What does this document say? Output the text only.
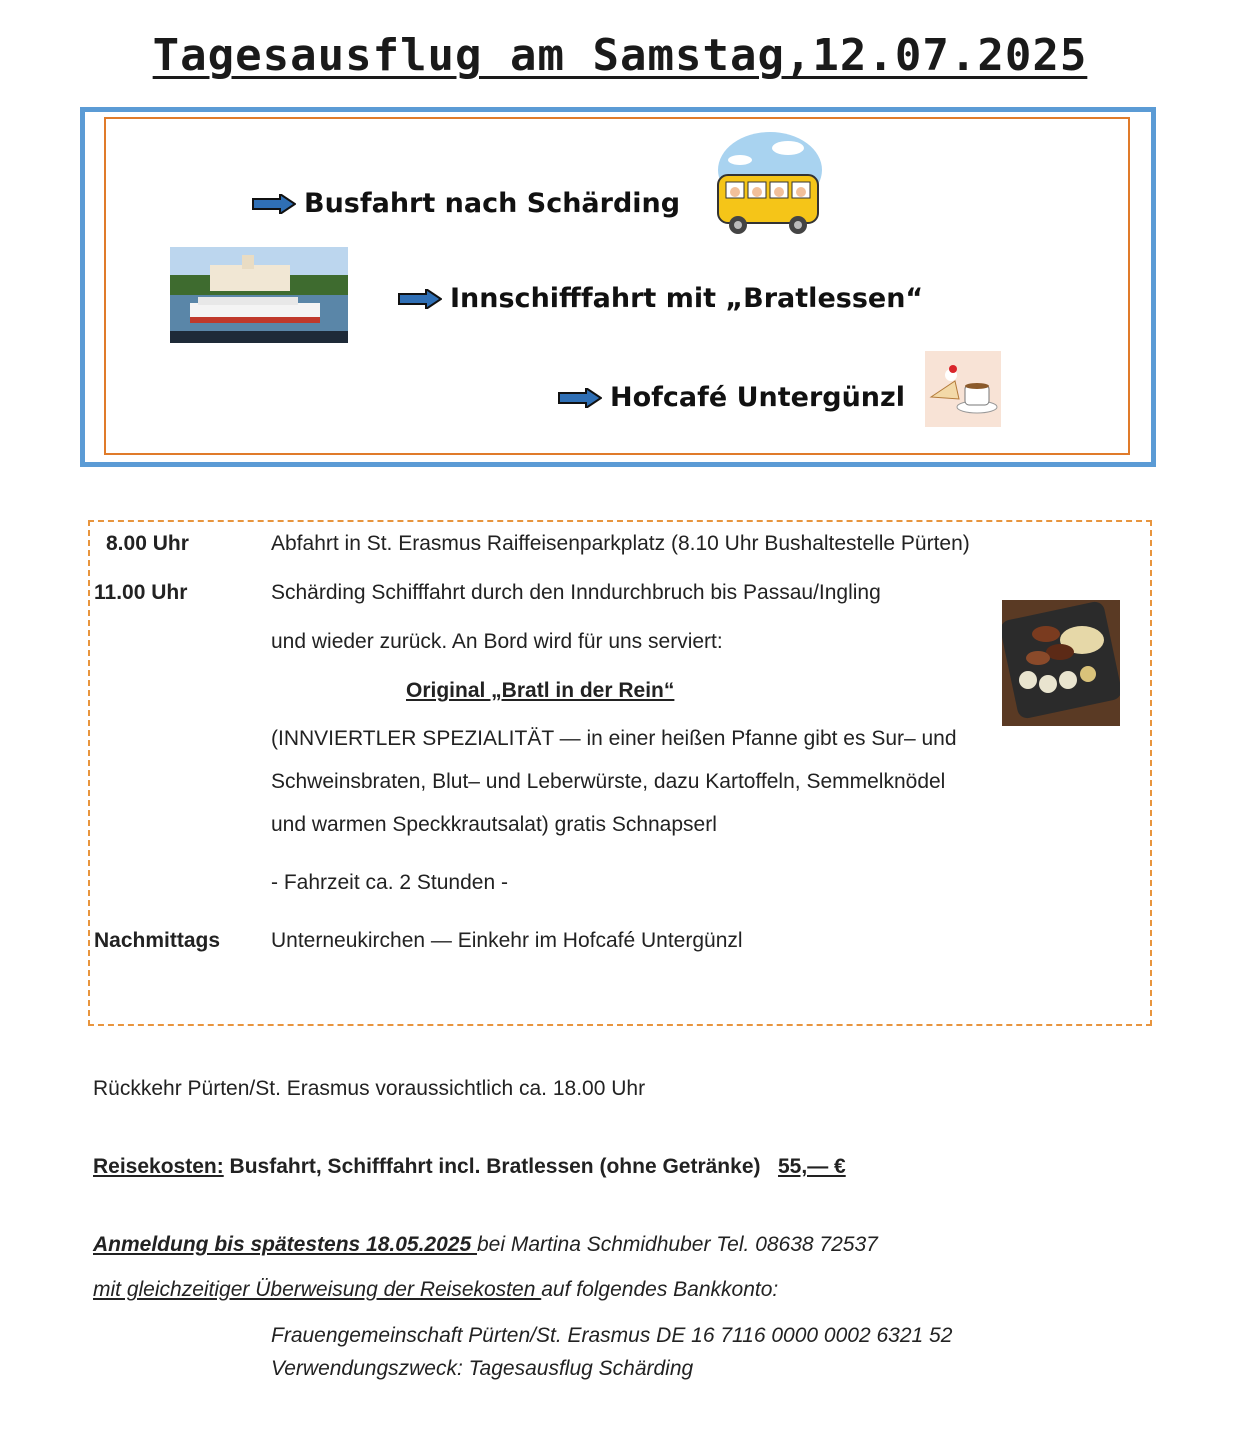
Tagesausflug am Samstag,12.07.2025
Busfahrt nach Schärding
Innschifffahrt mit „Bratlessen“
Hofcafé Untergünzl
8.00 Uhr	Abfahrt in St. Erasmus Raiffeisenparkplatz (8.10 Uhr Bushaltestelle Pürten)
11.00 Uhr	Schärding Schifffahrt durch den Inndurchbruch bis Passau/Ingling
und wieder zurück. An Bord wird für uns serviert:
Original „Bratl in der Rein“
(INNVIERTLER SPEZIALITÄT — in einer heißen Pfanne gibt es Sur– und
Schweinsbraten, Blut– und Leberwürste, dazu Kartoffeln, Semmelknödel
und warmen Speckkrautsalat) gratis Schnapserl
- Fahrzeit ca. 2 Stunden -
Nachmittags Unterneukirchen — Einkehr im Hofcafé Untergünzl
Rückkehr Pürten/St. Erasmus voraussichtlich ca. 18.00 Uhr
Reisekosten: Busfahrt, Schifffahrt incl. Bratlessen (ohne Getränke)   55,— €
Anmeldung bis spätestens 18.05.2025 bei Martina Schmidhuber Tel. 08638 72537
mit gleichzeitiger Überweisung der Reisekosten auf folgendes Bankkonto:
Frauengemeinschaft Pürten/St. Erasmus DE 16 7116 0000 0002 6321 52
Verwendungszweck: Tagesausflug Schärding
